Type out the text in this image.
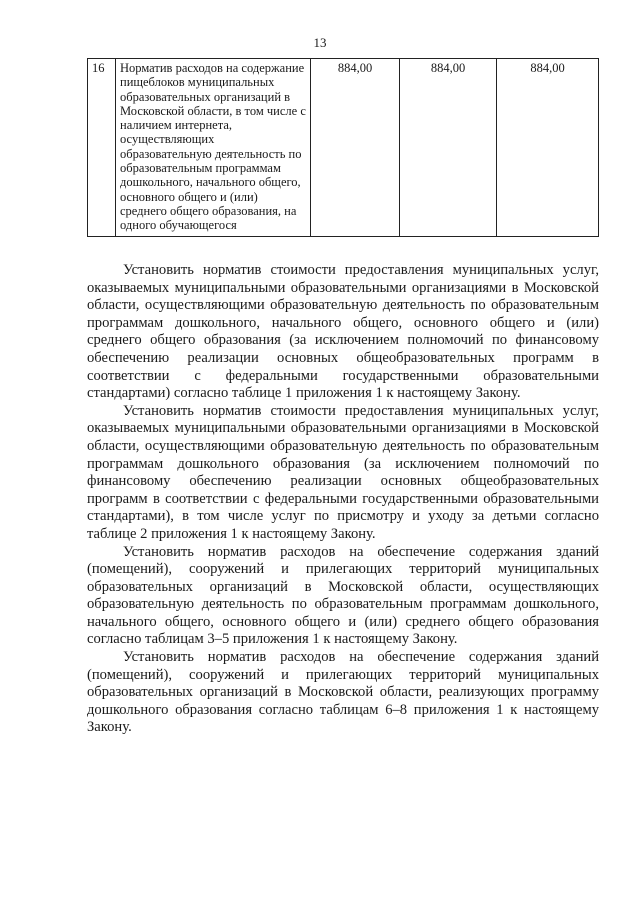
13
16	Норматив расходов на содержание пищеблоков муниципальных образовательных организаций в Московской области, в том числе с наличием интернета, осуществляющих образовательную деятельность по образовательным программам дошкольного, начального общего, основного общего и (или) среднего общего образования, на одного обучающегося	884,00	884,00	884,00

Установить норматив стоимости предоставления муниципальных услуг, оказываемых муниципальными образовательными организациями в Московской области, осуществляющими образовательную деятельность по образовательным программам дошкольного, начального общего, основного общего и (или) среднего общего образования (за исключением полномочий по финансовому обеспечению реализации основных общеобразовательных программ в соответствии с федеральными государственными образовательными стандартами) согласно таблице 1 приложения 1 к настоящему Закону.

Установить норматив стоимости предоставления муниципальных услуг, оказываемых муниципальными образовательными организациями в Московской области, осуществляющими образовательную деятельность по образовательным программам дошкольного образования (за исключением полномочий по финансовому обеспечению реализации основных общеобразовательных программ в соответствии с федеральными государственными образовательными стандартами), в том числе услуг по присмотру и уходу за детьми согласно таблице 2 приложения 1 к настоящему Закону.

Установить норматив расходов на обеспечение содержания зданий (помещений), сооружений и прилегающих территорий муниципальных образовательных организаций в Московской области, осуществляющих образовательную деятельность по образовательным программам дошкольного, начального общего, основного общего и (или) среднего общего образования согласно таблицам 3–5 приложения 1 к настоящему Закону.

Установить норматив расходов на обеспечение содержания зданий (помещений), сооружений и прилегающих территорий муниципальных образовательных организаций в Московской области, реализующих программу дошкольного образования согласно таблицам 6–8 приложения 1 к настоящему Закону.
